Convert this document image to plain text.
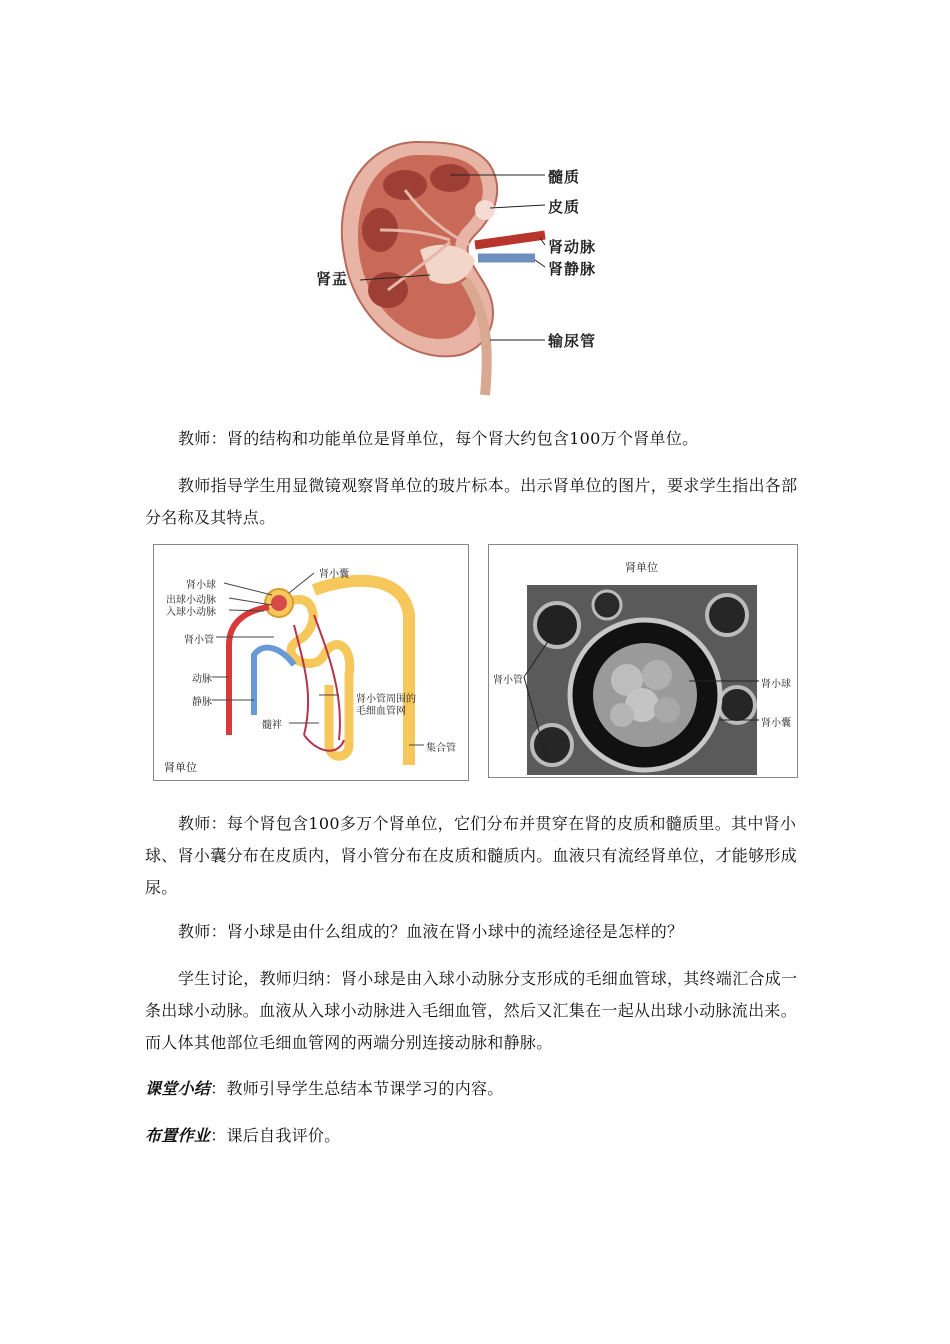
髓质
皮质
肾动脉
肾静脉
肾盂
输尿管

教师：肾的结构和功能单位是肾单位，每个肾大约包含100万个肾单位。

教师指导学生用显微镜观察肾单位的玻片标本。出示肾单位的图片，要求学生指出各部分名称及其特点。

肾小球
肾小囊
出球小动脉
入球小动脉
肾小管
动脉
静脉	肾小管周围的
毛细血管网
髓袢
集合管
肾单位
肾单位
肾小管	肾小球
肾小囊

教师：每个肾包含100多万个肾单位，它们分布并贯穿在肾的皮质和髓质里。其中肾小球、肾小囊分布在皮质内，肾小管分布在皮质和髓质内。血液只有流经肾单位，才能够形成尿。

教师：肾小球是由什么组成的？血液在肾小球中的流经途径是怎样的？

学生讨论，教师归纳：肾小球是由入球小动脉分支形成的毛细血管球，其终端汇合成一条出球小动脉。血液从入球小动脉进入毛细血管，然后又汇集在一起从出球小动脉流出来。而人体其他部位毛细血管网的两端分别连接动脉和静脉。

课堂小结：教师引导学生总结本节课学习的内容。

布置作业：课后自我评价。
